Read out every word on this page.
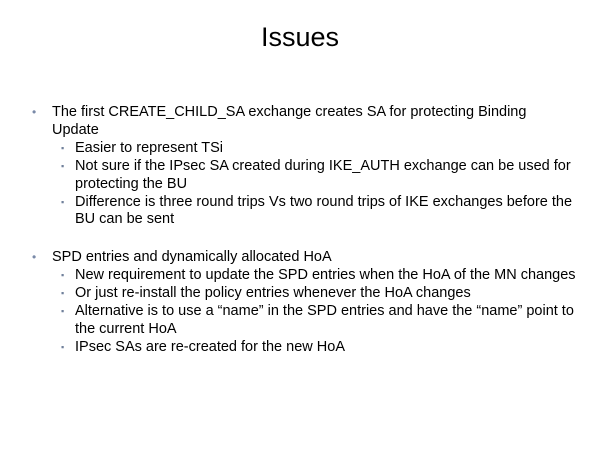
Issues
• The first CREATE_CHILD_SA exchange creates SA for protecting Binding Update
▪ Easier to represent TSi
▪ Not sure if the IPsec SA created during IKE_AUTH exchange can be used for protecting the BU
▪ Difference is three round trips Vs two round trips of IKE exchanges before the BU can be sent
• SPD entries and dynamically allocated HoA
▪ New requirement to update the SPD entries when the HoA of the MN changes
▪ Or just re-install the policy entries whenever the HoA changes
▪ Alternative is to use a “name” in the SPD entries and have the “name” point to the current HoA
▪ IPsec SAs are re-created for the new HoA
